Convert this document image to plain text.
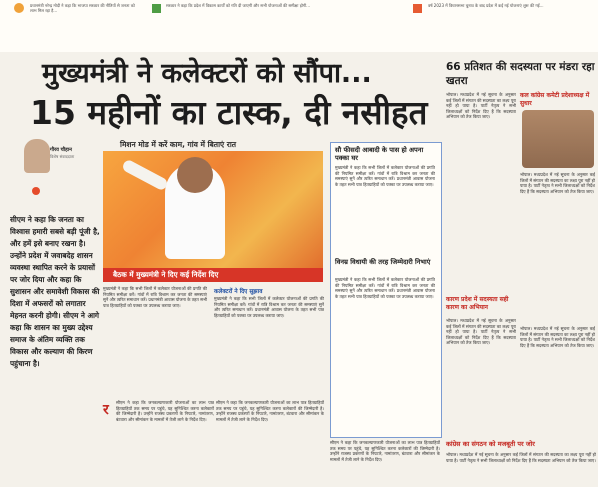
प्रधानमंत्री नरेन्द्र मोदी ने कहा कि भाजपा सरकार की नीतियों से जनता को लाभ मिल रहा है...
सरकार ने कहा कि प्रदेश में विकास कार्यों को गति दी जाएगी और सभी योजनाओं की समीक्षा होगी...	वर्ष 2023 में विधानसभा चुनाव के बाद प्रदेश में कई नई योजनाएं शुरू की गईं...
मुख्यमंत्री ने कलेक्टरों को सौंपा...
15 महीनों का टास्क, दी नसीहत
गौरव चौहान
विशेष संवाददाता
मिशन मोड में करें काम, गांव में बिताएं रात
बैठक में मुख्यमंत्री ने दिए कई निर्देश दिए
सीएम ने कहा कि जनता का विश्वास हमारी सबसे बड़ी पूंजी है, और हमें इसे बनाए रखना है। उन्होंने प्रदेश में जवाबदेह शासन व्यवस्था स्थापित करने के प्रयासों पर जोर दिया और कहा कि सुशासन और समावेशी विकास की दिशा में अफसरों को लगातार मेहनत करनी होगी। सीएम ने आगे कहा कि शासन का मुख्य उद्देश्य समाज के अंतिम व्यक्ति तक विकास और कल्याण की किरण पहुंचाना है।
मुख्यमंत्री ने कहा कि सभी जिलों में कलेक्टर योजनाओं की प्रगति की नियमित समीक्षा करें। गांवों में रात्रि विश्राम कर जनता की समस्याएं सुनें और त्वरित समाधान करें। प्रधानमंत्री आवास योजना के तहत सभी पात्र हितग्राहियों को पक्का घर उपलब्ध कराया जाए।
कलेक्टरों ने दिए सुझाव
मुख्यमंत्री ने कहा कि सभी जिलों में कलेक्टर योजनाओं की प्रगति की नियमित समीक्षा करें। गांवों में रात्रि विश्राम कर जनता की समस्याएं सुनें और त्वरित समाधान करें। प्रधानमंत्री आवास योजना के तहत सभी पात्र हितग्राहियों को पक्का घर उपलब्ध कराया जाए।
सौ फीसदी आबादी के पास हो अपना पक्का घर
मुख्यमंत्री ने कहा कि सभी जिलों में कलेक्टर योजनाओं की प्रगति की नियमित समीक्षा करें। गांवों में रात्रि विश्राम कर जनता की समस्याएं सुनें और त्वरित समाधान करें। प्रधानमंत्री आवास योजना के तहत सभी पात्र हितग्राहियों को पक्का घर उपलब्ध कराया जाए।
विनम्र विधायी की तरह जिम्मेदारी निभाएं
मुख्यमंत्री ने कहा कि सभी जिलों में कलेक्टर योजनाओं की प्रगति की नियमित समीक्षा करें। गांवों में रात्रि विश्राम कर जनता की समस्याएं सुनें और त्वरित समाधान करें। प्रधानमंत्री आवास योजना के तहत सभी पात्र हितग्राहियों को पक्का घर उपलब्ध कराया जाए।
66 प्रतिशत की सदस्यता पर मंडरा रहा खतरा
भोपाल। मध्यप्रदेश में नई सूचना के अनुसार कई जिलों में संगठन की सदस्यता का लक्ष्य पूरा नहीं हो पाया है। पार्टी नेतृत्व ने सभी जिलाध्यक्षों को निर्देश दिए हैं कि सदस्यता अभियान को तेज किया जाए।
कल कांग्रेस कमेटी प्रदेशाध्यक्ष में सुधार
भोपाल। मध्यप्रदेश में नई सूचना के अनुसार कई जिलों में संगठन की सदस्यता का लक्ष्य पूरा नहीं हो पाया है। पार्टी नेतृत्व ने सभी जिलाध्यक्षों को निर्देश दिए हैं कि सदस्यता अभियान को तेज किया जाए।
कारण प्रदेश में सदस्यता सही कारण का अभियान
भोपाल। मध्यप्रदेश में नई सूचना के अनुसार कई जिलों में संगठन की सदस्यता का लक्ष्य पूरा नहीं हो पाया है। पार्टी नेतृत्व ने सभी जिलाध्यक्षों को निर्देश दिए हैं कि सदस्यता अभियान को तेज किया जाए।
भोपाल। मध्यप्रदेश में नई सूचना के अनुसार कई जिलों में संगठन की सदस्यता का लक्ष्य पूरा नहीं हो पाया है। पार्टी नेतृत्व ने सभी जिलाध्यक्षों को निर्देश दिए हैं कि सदस्यता अभियान को तेज किया जाए।
कांग्रेस का संगठन को मजबूती पर जोर
भोपाल। मध्यप्रदेश में नई सूचना के अनुसार कई जिलों में संगठन की सदस्यता का लक्ष्य पूरा नहीं हो पाया है। पार्टी नेतृत्व ने सभी जिलाध्यक्षों को निर्देश दिए हैं कि सदस्यता अभियान को तेज किया जाए।
र सीएम ने कहा कि जनकल्याणकारी योजनाओं का लाभ पात्र हितग्राहियों तक समय पर पहुंचे, यह सुनिश्चित करना कलेक्टरों की जिम्मेदारी है। उन्होंने राजस्व प्रकरणों के निपटारे, नामांतरण, बंटवारा और सीमांकन के मामलों में तेजी लाने के निर्देश दिए।
सीएम ने कहा कि जनकल्याणकारी योजनाओं का लाभ पात्र हितग्राहियों तक समय पर पहुंचे, यह सुनिश्चित करना कलेक्टरों की जिम्मेदारी है। उन्होंने राजस्व प्रकरणों के निपटारे, नामांतरण, बंटवारा और सीमांकन के मामलों में तेजी लाने के निर्देश दिए।
सीएम ने कहा कि जनकल्याणकारी योजनाओं का लाभ पात्र हितग्राहियों तक समय पर पहुंचे, यह सुनिश्चित करना कलेक्टरों की जिम्मेदारी है। उन्होंने राजस्व प्रकरणों के निपटारे, नामांतरण, बंटवारा और सीमांकन के मामलों में तेजी लाने के निर्देश दिए।
